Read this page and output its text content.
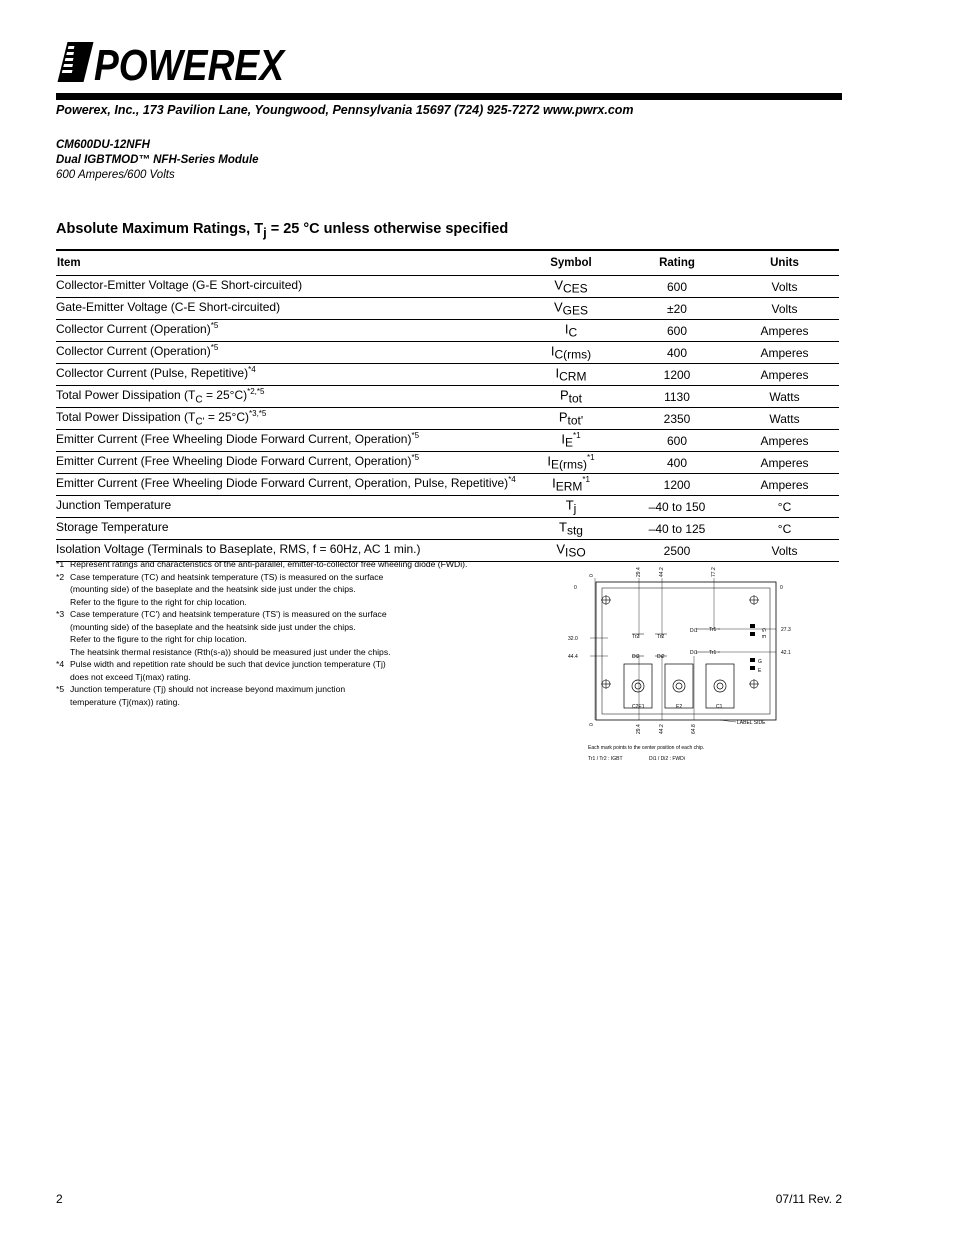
POWEREX
Powerex, Inc., 173 Pavilion Lane, Youngwood, Pennsylvania 15697 (724) 925-7272 www.pwrx.com
CM600DU-12NFH
Dual IGBTMOD™ NFH-Series Module
600 Amperes/600 Volts
Absolute Maximum Ratings, $T_j = 25$ °C unless otherwise specified
Item	Symbol	Rating	Units
Collector-Emitter Voltage (G-E Short-circuited)	$V_{CES}$	600	Volts
Gate-Emitter Voltage (C-E Short-circuited)	$V_{GES}$	±20	Volts
Collector Current (Operation)$^{*5}$	$I_C$	600	Amperes
Collector Current (Operation)$^{*5}$	$I_{C(rms)}$	400	Amperes
Collector Current (Pulse, Repetitive)$^{*4}$	$I_{CRM}$	1200	Amperes
Total Power Dissipation $(T_C = 25^\circ C)^{*2,*5}$	$P_{tot}$	1130	Watts
Total Power Dissipation $(T_{C'} = 25^\circ C)^{*3,*5}$	$P_{tot'}$	2350	Watts
Emitter Current (Free Wheeling Diode Forward Current, Operation)$^{*5}$	$I_E^{*1}$	600	Amperes
Emitter Current (Free Wheeling Diode Forward Current, Operation)$^{*5}$	$I_{E(rms)}^{*1}$	400	Amperes
Emitter Current (Free Wheeling Diode Forward Current, Operation, Pulse, Repetitive)$^{*4}$	$I_{ERM}^{*1}$	1200	Amperes
Junction Temperature	$T_j$	–40 to 150	°C
Storage Temperature	$T_{stg}$	–40 to 125	°C
Isolation Voltage (Terminals to Baseplate, RMS, f = 60Hz, AC 1 min.)	$V_{ISO}$	2500	Volts
*1 Represent ratings and characteristics of the anti-parallel, emitter-to-collector free wheeling diode (FWDi).
*2 Case temperature (TC) and heatsink temperature (TS) is measured on the surface
(mounting side) of the baseplate and the heatsink side just under the chips.
Refer to the figure to the right for chip location.
*3 Case temperature (TC') and heatsink temperature (TS') is measured on the surface
(mounting side) of the baseplate and the heatsink side just under the chips.
Refer to the figure to the right for chip location.
The heatsink thermal resistance (Rth(s-a)) should be measured just under the chips.
*4 Pulse width and repetition rate should be such that device junction temperature (Tj)
does not exceed Tj(max) rating.
*5 Junction temperature (Tj) should not increase beyond maximum junction
temperature (Tj(max)) rating.
0	29.4	44.2	77.2
0	29.4	44.2	64.8
0
32.0
44.4
0
27.3
42.1
Tr2	Tr2
Di1 Tr1
Di2	Di2
Di1 Tr1
C2E1	E2	C1
G
E
G
E
LABEL SIDE
Each mark points to the center position of each chip.
Tr1 / Tr2 : IGBT	Di1 / Di2 : FWDi
2	07/11 Rev. 2
